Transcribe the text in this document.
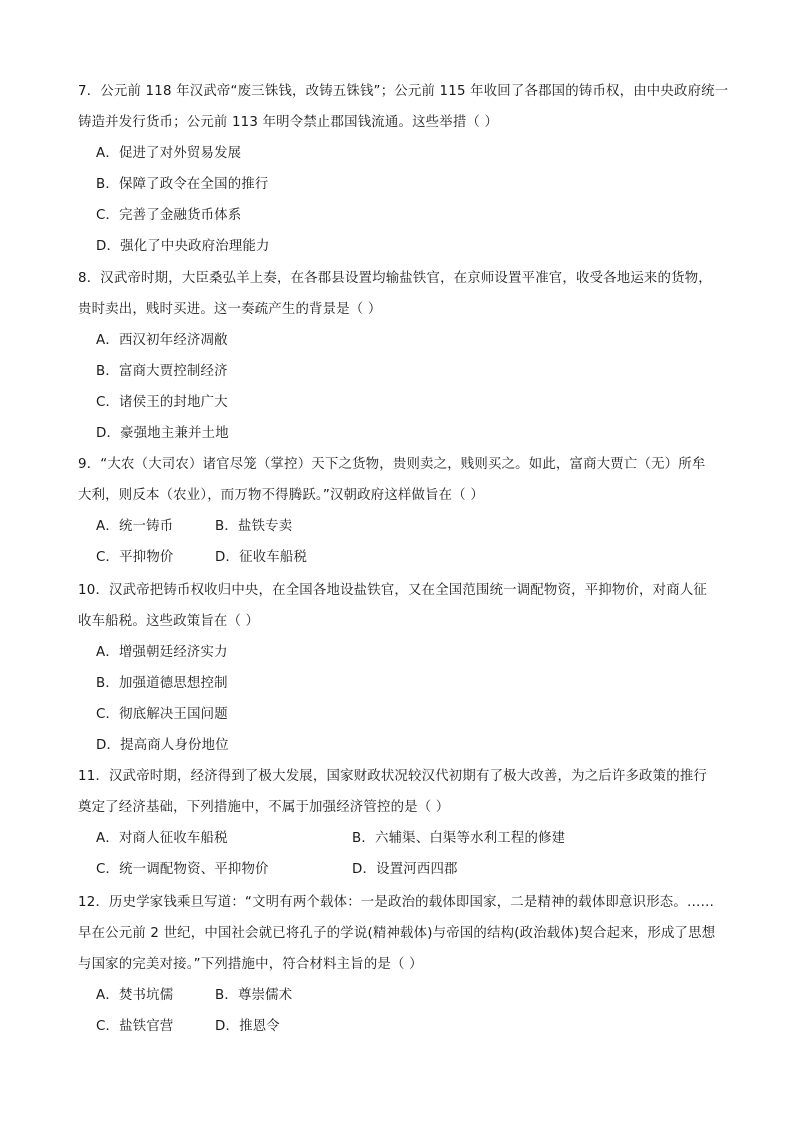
7．公元前 118 年汉武帝“废三铢钱，改铸五铢钱”；公元前 115 年收回了各郡国的铸币权，由中央政府统一
铸造并发行货币；公元前 113 年明令禁止郡国钱流通。这些举措（ ）
A．促进了对外贸易发展
B．保障了政令在全国的推行
C．完善了金融货币体系
D．强化了中央政府治理能力
8．汉武帝时期，大臣桑弘羊上奏，在各郡县设置均输盐铁官，在京师设置平准官，收受各地运来的货物，
贵时卖出，贱时买进。这一奏疏产生的背景是（ ）
A．西汉初年经济凋敝
B．富商大贾控制经济
C．诸侯王的封地广大
D．豪强地主兼并土地
9．“大农（大司农）诸官尽笼（掌控）天下之货物，贵则卖之，贱则买之。如此，富商大贾亡（无）所牟
大利，则反本（农业），而万物不得腾跃。”汉朝政府这样做旨在（ ）
A．统一铸币	B．盐铁专卖
C．平抑物价	D．征收车船税
10．汉武帝把铸币权收归中央，在全国各地设盐铁官，又在全国范围统一调配物资，平抑物价，对商人征
收车船税。这些政策旨在（ ）
A．增强朝廷经济实力
B．加强道德思想控制
C．彻底解决王国问题
D．提高商人身份地位
11．汉武帝时期，经济得到了极大发展，国家财政状况较汉代初期有了极大改善，为之后许多政策的推行
奠定了经济基础，下列措施中，不属于加强经济管控的是（ ）
A．对商人征收车船税	B．六辅渠、白渠等水利工程的修建
C．统一调配物资、平抑物价	D．设置河西四郡
12．历史学家钱乘旦写道：“文明有两个载体：一是政治的载体即国家，二是精神的载体即意识形态。……
早在公元前 2 世纪，中国社会就已将孔子的学说(精神载体)与帝国的结构(政治载体)契合起来，形成了思想
与国家的完美对接。”下列措施中，符合材料主旨的是（ ）
A．焚书坑儒	B．尊崇儒术
C．盐铁官营	D．推恩令
